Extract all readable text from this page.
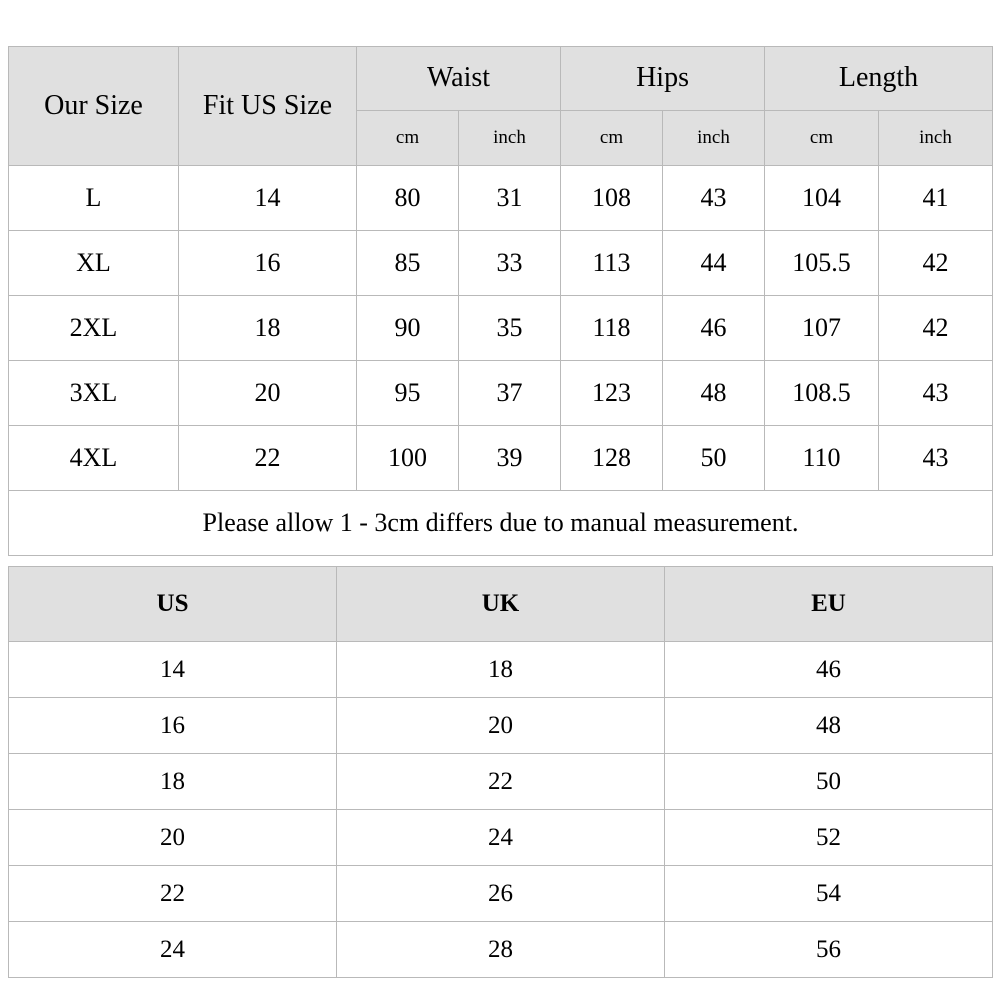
Our Size	Fit US Size	Waist		Hips		Length	
		cm	inch	cm	inch	cm	inch
L	14	80	31	108	43	104	41
XL	16	85	33	113	44	105.5	42
2XL	18	90	35	118	46	107	42
3XL	20	95	37	123	48	108.5	43
4XL	22	100	39	128	50	110	43
Please allow 1 - 3cm differs due to manual measurement.							
US	UK	EU
14	18	46
16	20	48
18	22	50
20	24	52
22	26	54
24	28	56
